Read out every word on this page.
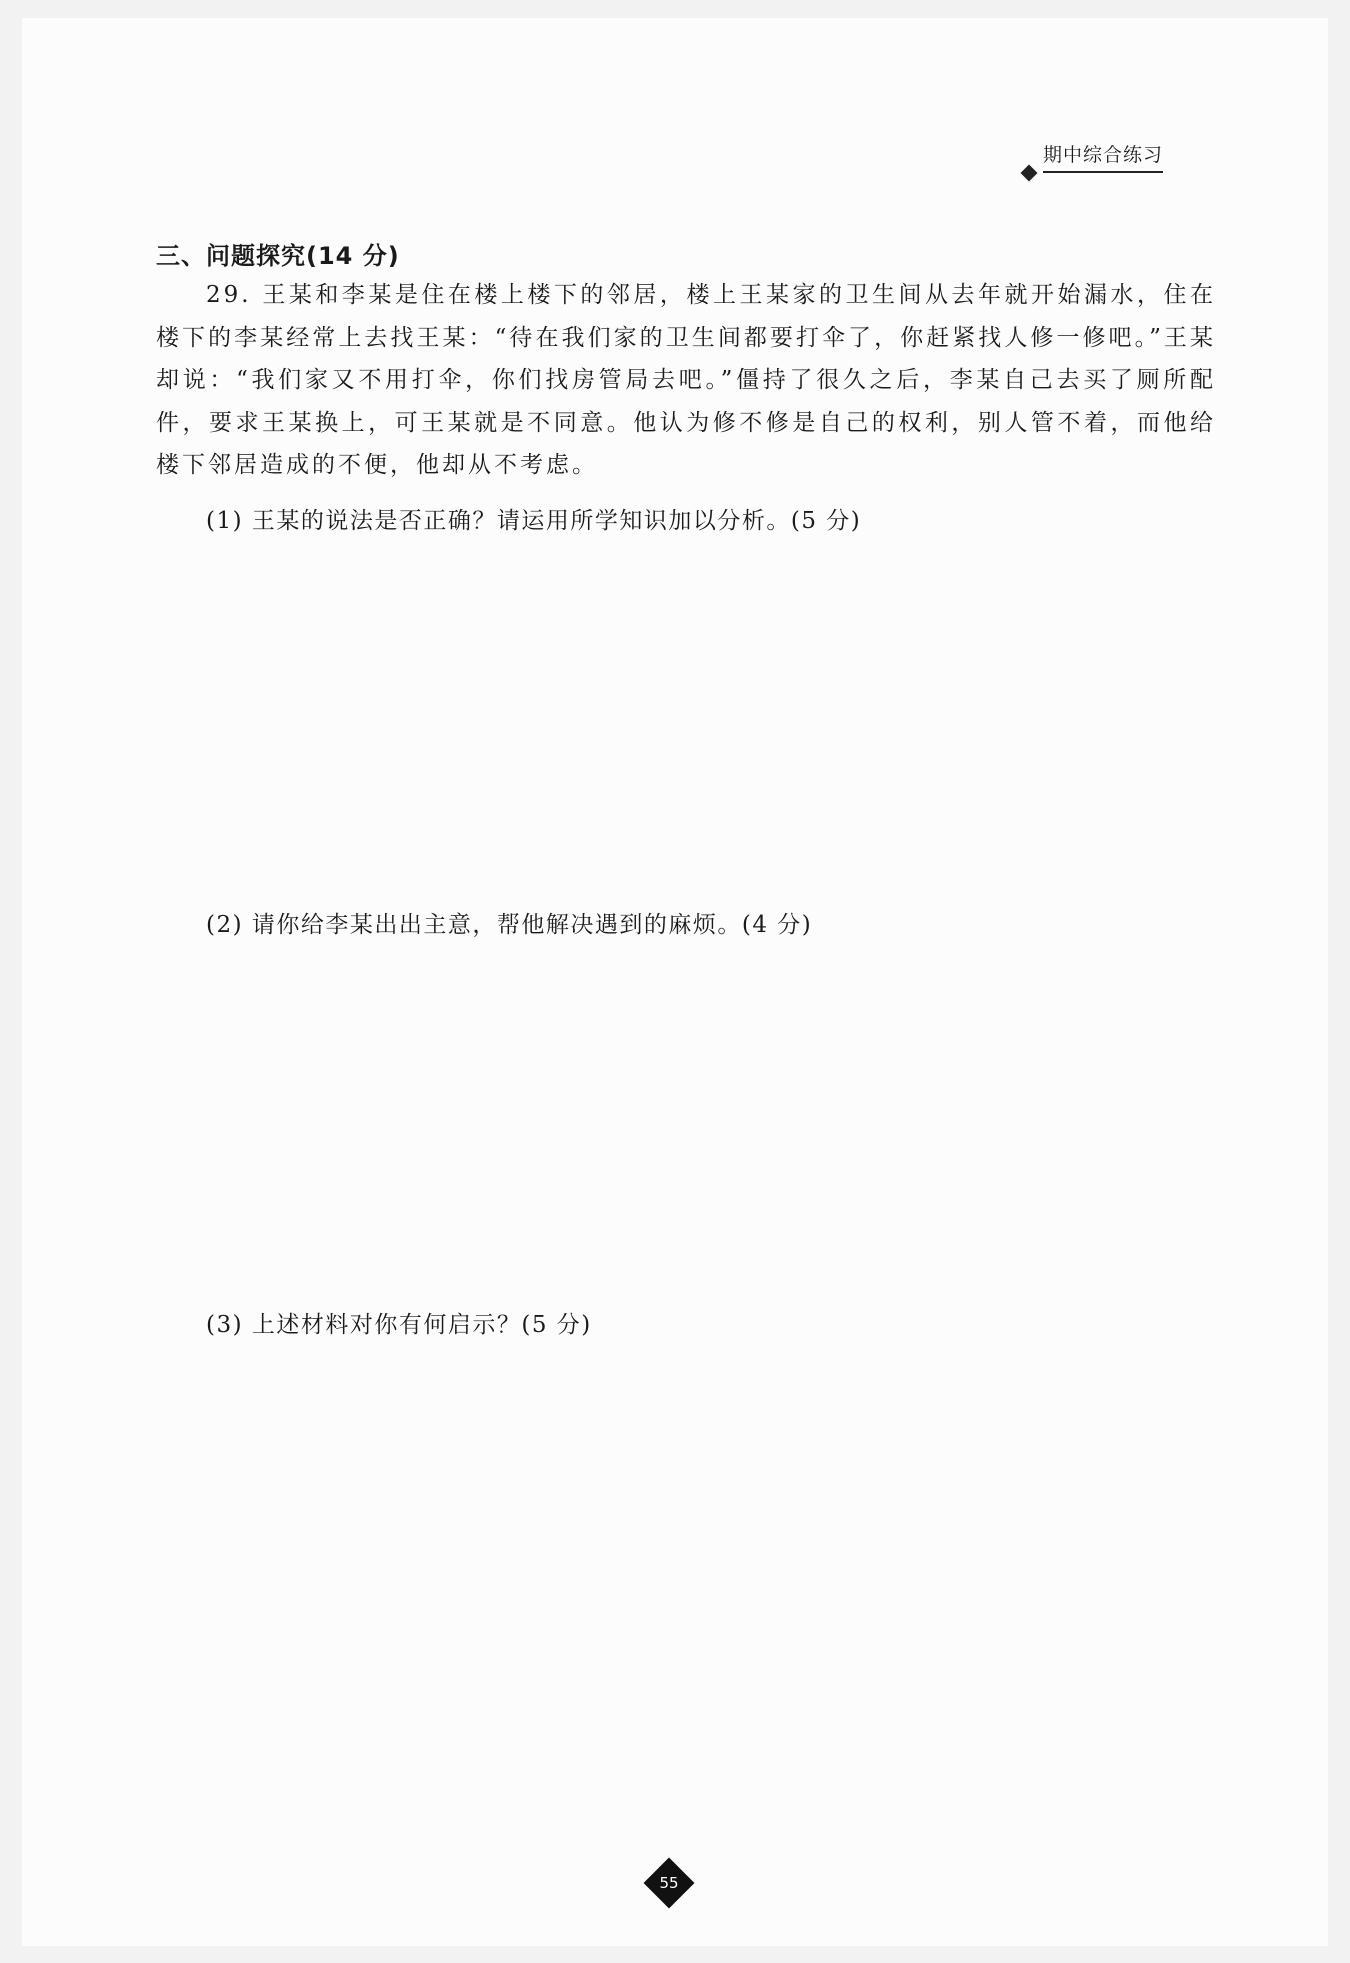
期中综合练习
三、问题探究(14 分)

29. 王某和李某是住在楼上楼下的邻居，楼上王某家的卫生间从去年就开始漏水，住在楼下的李某经常上去找王某：“待在我们家的卫生间都要打伞了，你赶紧找人修一修吧。”王某却说：“我们家又不用打伞，你们找房管局去吧。”僵持了很久之后，李某自己去买了厕所配件，要求王某换上，可王某就是不同意。他认为修不修是自己的权利，别人管不着，而他给楼下邻居造成的不便，他却从不考虑。

(1) 王某的说法是否正确？请运用所学知识加以分析。(5 分)
(2) 请你给李某出出主意，帮他解决遇到的麻烦。(4 分)
(3) 上述材料对你有何启示？(5 分)
55
